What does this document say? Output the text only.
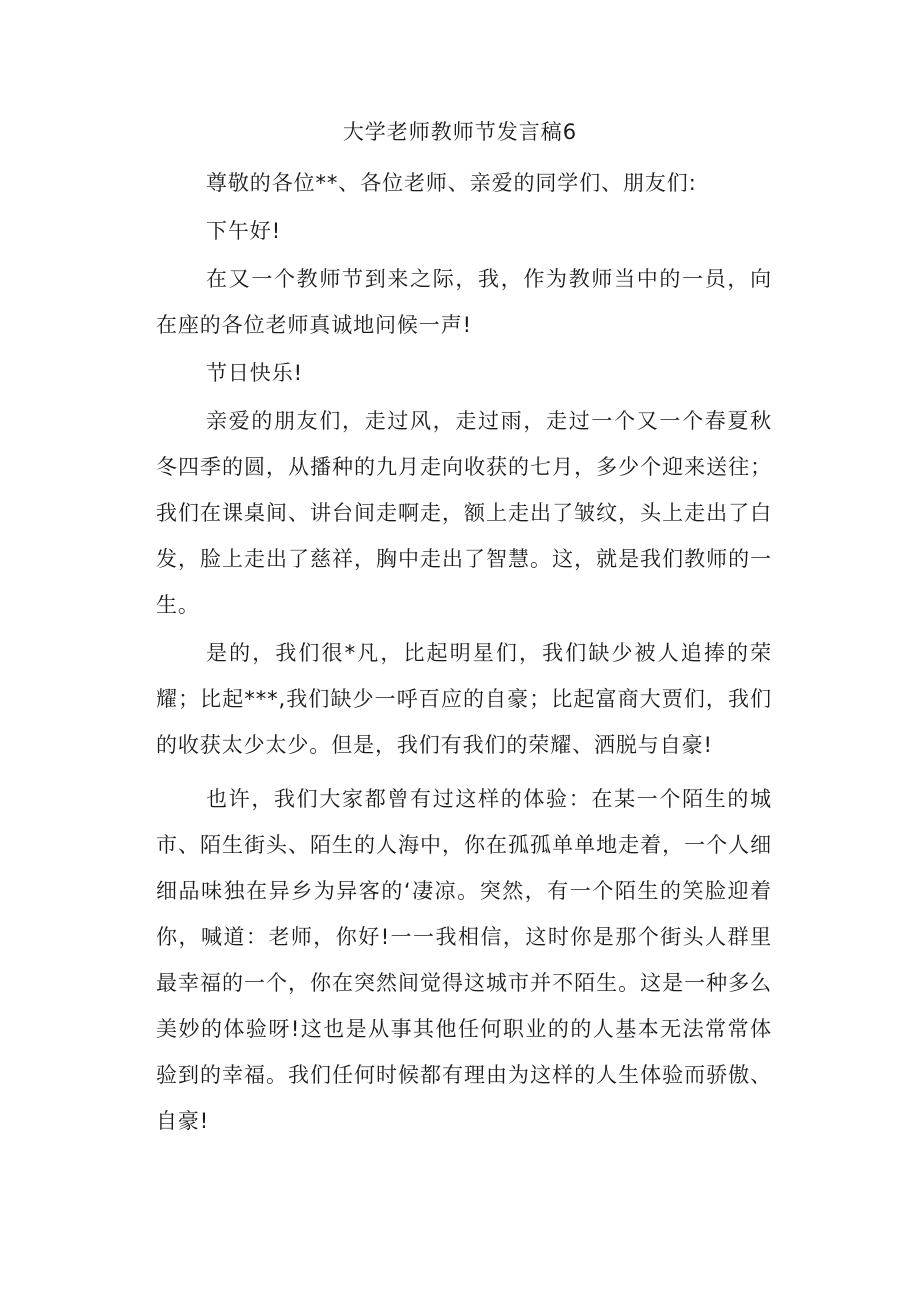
大学老师教师节发言稿6

尊敬的各位**、各位老师、亲爱的同学们、朋友们:

下午好!

在又一个教师节到来之际，我，作为教师当中的一员，向在座的各位老师真诚地问候一声!

节日快乐!

亲爱的朋友们，走过风，走过雨，走过一个又一个春夏秋冬四季的圆，从播种的九月走向收获的七月，多少个迎来送往；我们在课桌间、讲台间走啊走，额上走出了皱纹，头上走出了白发，脸上走出了慈祥，胸中走出了智慧。这，就是我们教师的一生。

是的，我们很*凡，比起明星们，我们缺少被人追捧的荣耀；比起***,我们缺少一呼百应的自豪；比起富商大贾们，我们的收获太少太少。但是，我们有我们的荣耀、洒脱与自豪!

也许，我们大家都曾有过这样的体验：在某一个陌生的城市、陌生街头、陌生的人海中，你在孤孤单单地走着，一个人细细品味独在异乡为异客的‘凄凉。突然，有一个陌生的笑脸迎着你，喊道：老师，你好!一一我相信，这时你是那个街头人群里最幸福的一个，你在突然间觉得这城市并不陌生。这是一种多么美妙的体验呀!这也是从事其他任何职业的的人基本无法常常体验到的幸福。我们任何时候都有理由为这样的人生体验而骄傲、自豪!
